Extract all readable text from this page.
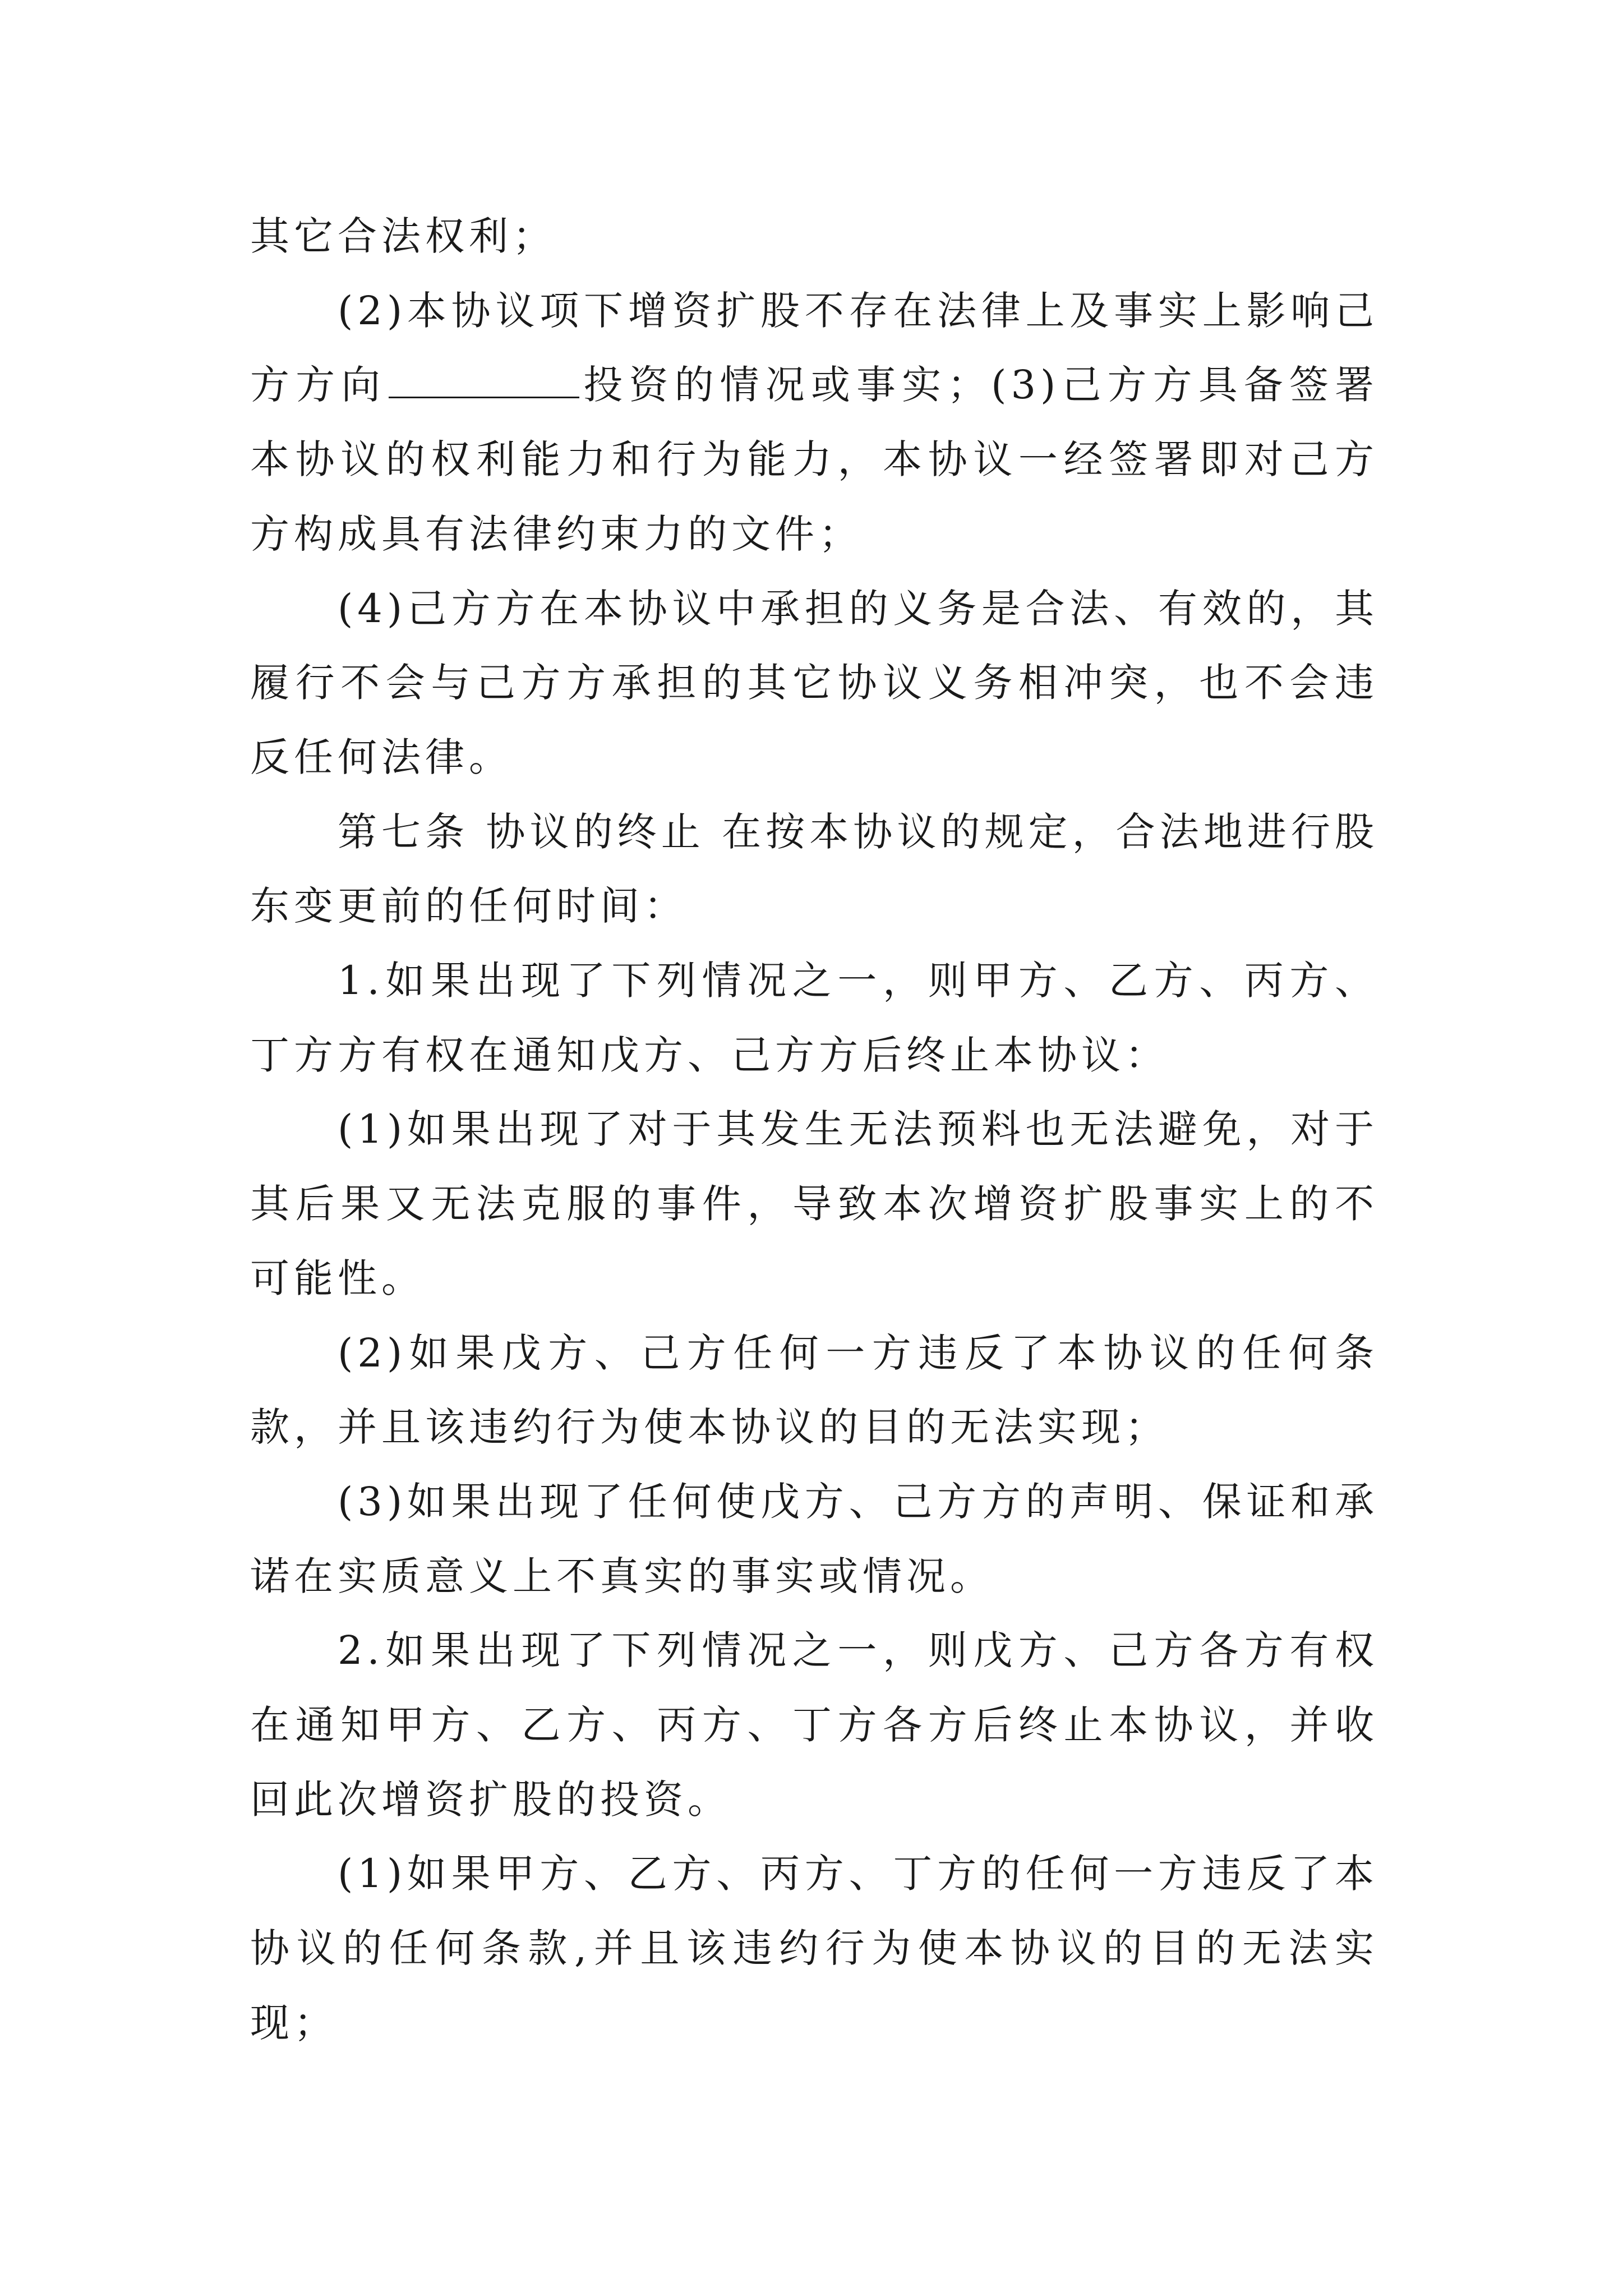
其它合法权利；

(2)本协议项下增资扩股不存在法律上及事实上影响己方方向	投资的情况或事实；(3)己方方具备签署本协议的权利能力和行为能力，本协议一经签署即对己方方构成具有法律约束力的文件；

(4)己方方在本协议中承担的义务是合法、有效的，其履行不会与己方方承担的其它协议义务相冲突，也不会违反任何法律。

第七条 协议的终止 在按本协议的规定，合法地进行股东变更前的任何时间：

1.如果出现了下列情况之一，则甲方、乙方、丙方、丁方方有权在通知戊方、己方方后终止本协议：

(1)如果出现了对于其发生无法预料也无法避免，对于其后果又无法克服的事件，导致本次增资扩股事实上的不可能性。

(2)如果戊方、己方任何一方违反了本协议的任何条款，并且该违约行为使本协议的目的无法实现；

(3)如果出现了任何使戊方、己方方的声明、保证和承诺在实质意义上不真实的事实或情况。

2.如果出现了下列情况之一，则戊方、己方各方有权在通知甲方、乙方、丙方、丁方各方后终止本协议，并收回此次增资扩股的投资。

(1)如果甲方、乙方、丙方、丁方的任何一方违反了本协议的任何条款,并且该违约行为使本协议的目的无法实现；
